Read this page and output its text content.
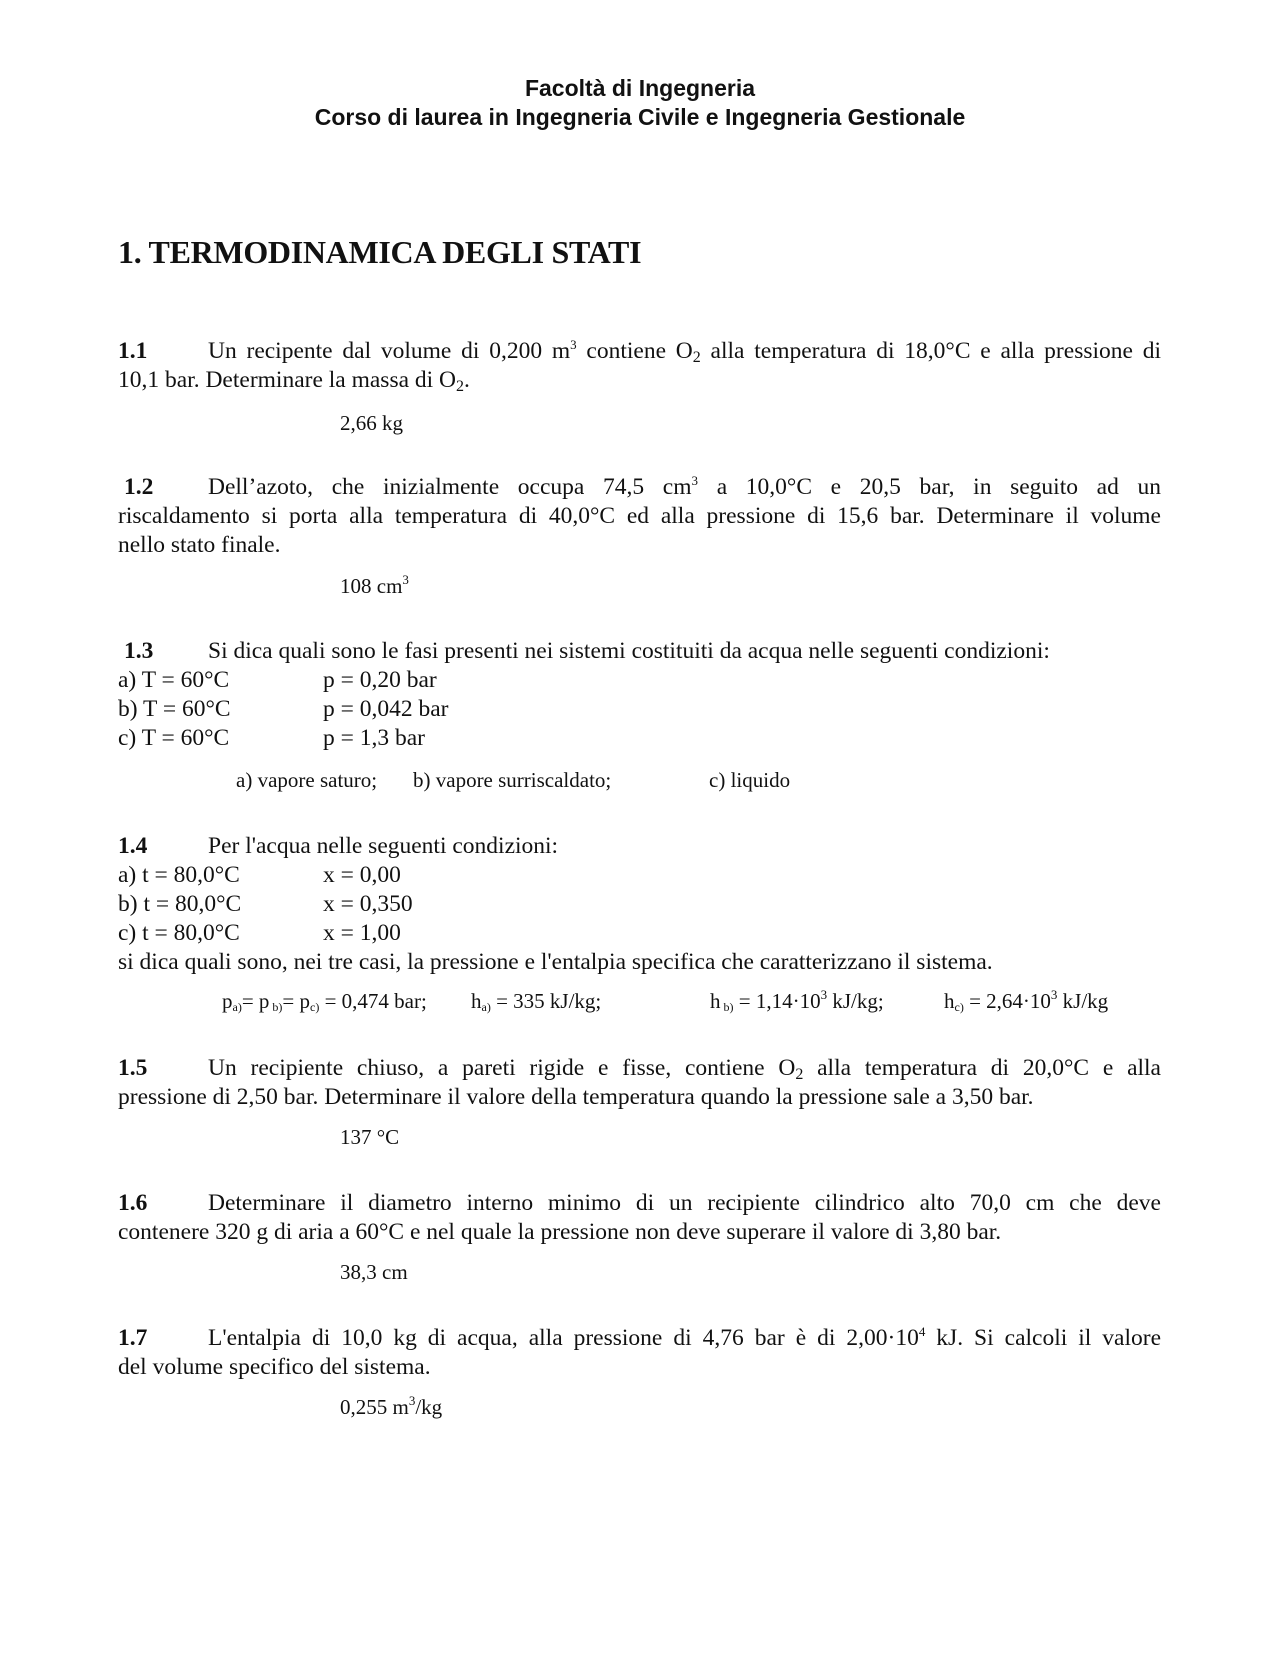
Facoltà di Ingegneria
Corso di laurea in Ingegneria Civile e Ingegneria Gestionale
1. TERMODINAMICA DEGLI STATI
1.1	Un recipente dal volume di 0,200 $m^3$ contiene $O_2$ alla temperatura di 18,0°C e alla pressione di
10,1 bar. Determinare la massa di $O_2$.
2,66 kg
1.2 Dell’azoto, che inizialmente occupa 74,5 $cm^3$ a 10,0°C e 20,5 bar, in seguito ad un
riscaldamento si porta alla temperatura di 40,0°C ed alla pressione di 15,6 bar. Determinare il volume
nello stato finale.
108 $cm^3$
1.3 Si dica quali sono le fasi presenti nei sistemi costituiti da acqua nelle seguenti condizioni:
a) T = 60°C	p = 0,20 bar
b) T = 60°C	p = 0,042 bar
c) T = 60°C	p = 1,3 bar
a) vapore saturo; b) vapore surriscaldato;	c) liquido
1.4	Per l'acqua nelle seguenti condizioni:
a) t = 80,0°C	x = 0,00
b) t = 80,0°C	x = 0,350
c) t = 80,0°C	x = 1,00
si dica quali sono, nei tre casi, la pressione e l'entalpia specifica che caratterizzano il sistema.
$p_{a)}= p$ $_{b)}= p_{c)} = 0,474$ bar; $h_{a)} = 335$ kJ/kg;	h $_{b)} = 1,14\cdot 10^3$ kJ/kg;	$h_{c)} = 2,64\cdot 10^3$ kJ/kg
1.5	Un recipiente chiuso, a pareti rigide e fisse, contiene $O_2$ alla temperatura di 20,0°C e alla
pressione di 2,50 bar. Determinare il valore della temperatura quando la pressione sale a 3,50 bar.
137 °C
1.6	Determinare il diametro interno minimo di un recipiente cilindrico alto 70,0 cm che deve
contenere 320 g di aria a 60°C e nel quale la pressione non deve superare il valore di 3,80 bar.
38,3 cm
1.7	L'entalpia di 10,0 kg di acqua, alla pressione di 4,76 bar è di $2,00\cdot 10^4$ kJ. Si calcoli il valore
del volume specifico del sistema.
0,255 $m^3/kg$
